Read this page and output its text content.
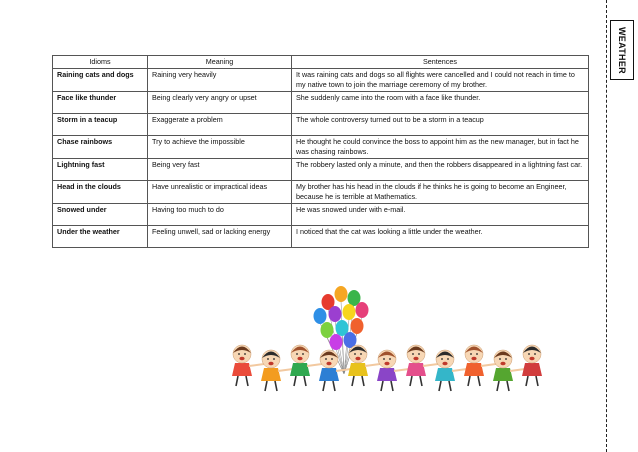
WEATHER
Idioms	Meaning	Sentences
Raining cats and dogs	Raining very heavily	It was raining cats and dogs so all flights were cancelled and I could not reach in time to my native town to join the marriage ceremony of my brother.
Face like thunder	Being clearly very angry or upset	She suddenly came into the room with a face like thunder.
Storm in a teacup	Exaggerate a problem	The whole controversy turned out to be a storm in a teacup
Chase rainbows	Try to achieve the impossible	He thought he could convince the boss to appoint him as the new manager, but in fact he was chasing rainbows.
Lightning fast	Being very fast	The robbery lasted only a minute, and then the robbers disappeared in a lightning fast car.
Head in the clouds	Have unrealistic or impractical ideas	My brother has his head in the clouds if he thinks he is going to become an Engineer, because he is terrible at Mathematics.
Snowed under	Having too much to do	He was snowed under with e-mail.
Under the weather	Feeling unwell, sad or lacking energy	I noticed that the cat was looking a little under the weather.
